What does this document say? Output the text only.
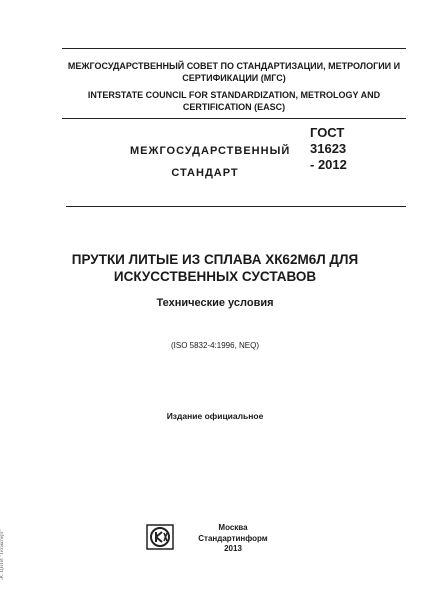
МЕЖГОСУДАРСТВЕННЫЙ СОВЕТ ПО СТАНДАРТИЗАЦИИ, МЕТРОЛОГИИ И
СЕРТИФИКАЦИИ (МГС)
INTERSTATE COUNCIL FOR STANDARDIZATION, METROLOGY AND
CERTIFICATION (EASC)
МЕЖГОСУДАРСТВЕННЫЙ
СТАНДАРТ
ГОСТ
31623
- 2012
ПРУТКИ ЛИТЫЕ ИЗ СПЛАВА ХК62М6Л ДЛЯ
ИСКУССТВЕННЫХ СУСТАВОВ
Технические условия
(ISO 5832-4:1996, NEQ)
Издание официальное
Москва
Стандартинформ
2013
ЭС ЦНТИ "Техэксперт"
